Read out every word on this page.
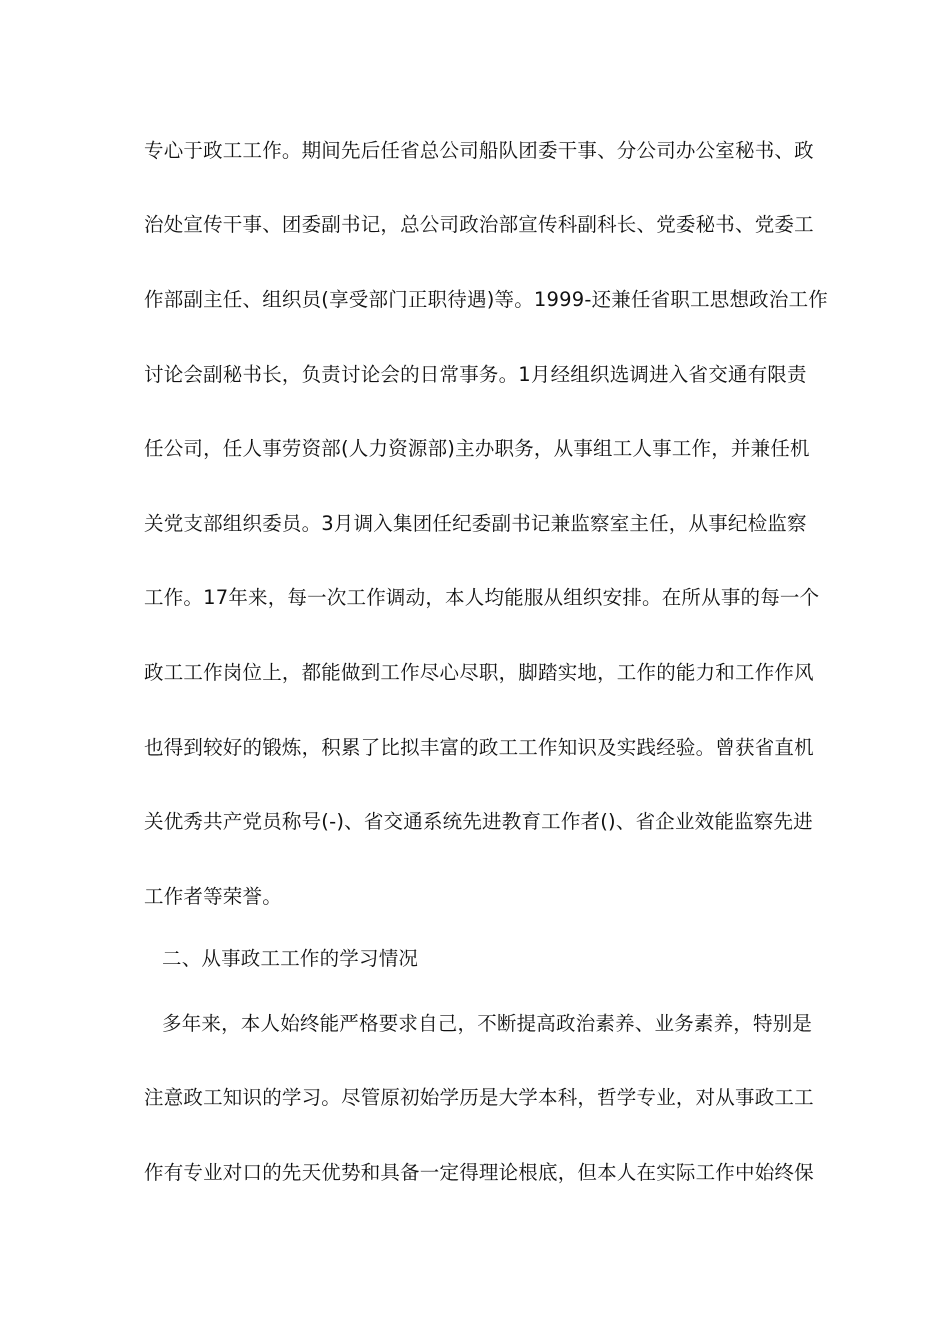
专心于政工工作。期间先后任省总公司船队团委干事、分公司办公室秘书、政
治处宣传干事、团委副书记，总公司政治部宣传科副科长、党委秘书、党委工
作部副主任、组织员(享受部门正职待遇)等。1999-还兼任省职工思想政治工作
讨论会副秘书长，负责讨论会的日常事务。1月经组织选调进入省交通有限责
任公司，任人事劳资部(人力资源部)主办职务，从事组工人事工作，并兼任机
关党支部组织委员。3月调入集团任纪委副书记兼监察室主任，从事纪检监察
工作。17年来，每一次工作调动，本人均能服从组织安排。在所从事的每一个
政工工作岗位上，都能做到工作尽心尽职，脚踏实地，工作的能力和工作作风
也得到较好的锻炼，积累了比拟丰富的政工工作知识及实践经验。曾获省直机
关优秀共产党员称号(-)、省交通系统先进教育工作者()、省企业效能监察先进
工作者等荣誉。
二、从事政工工作的学习情况
多年来，本人始终能严格要求自己，不断提高政治素养、业务素养，特别是
注意政工知识的学习。尽管原初始学历是大学本科，哲学专业，对从事政工工
作有专业对口的先天优势和具备一定得理论根底，但本人在实际工作中始终保
